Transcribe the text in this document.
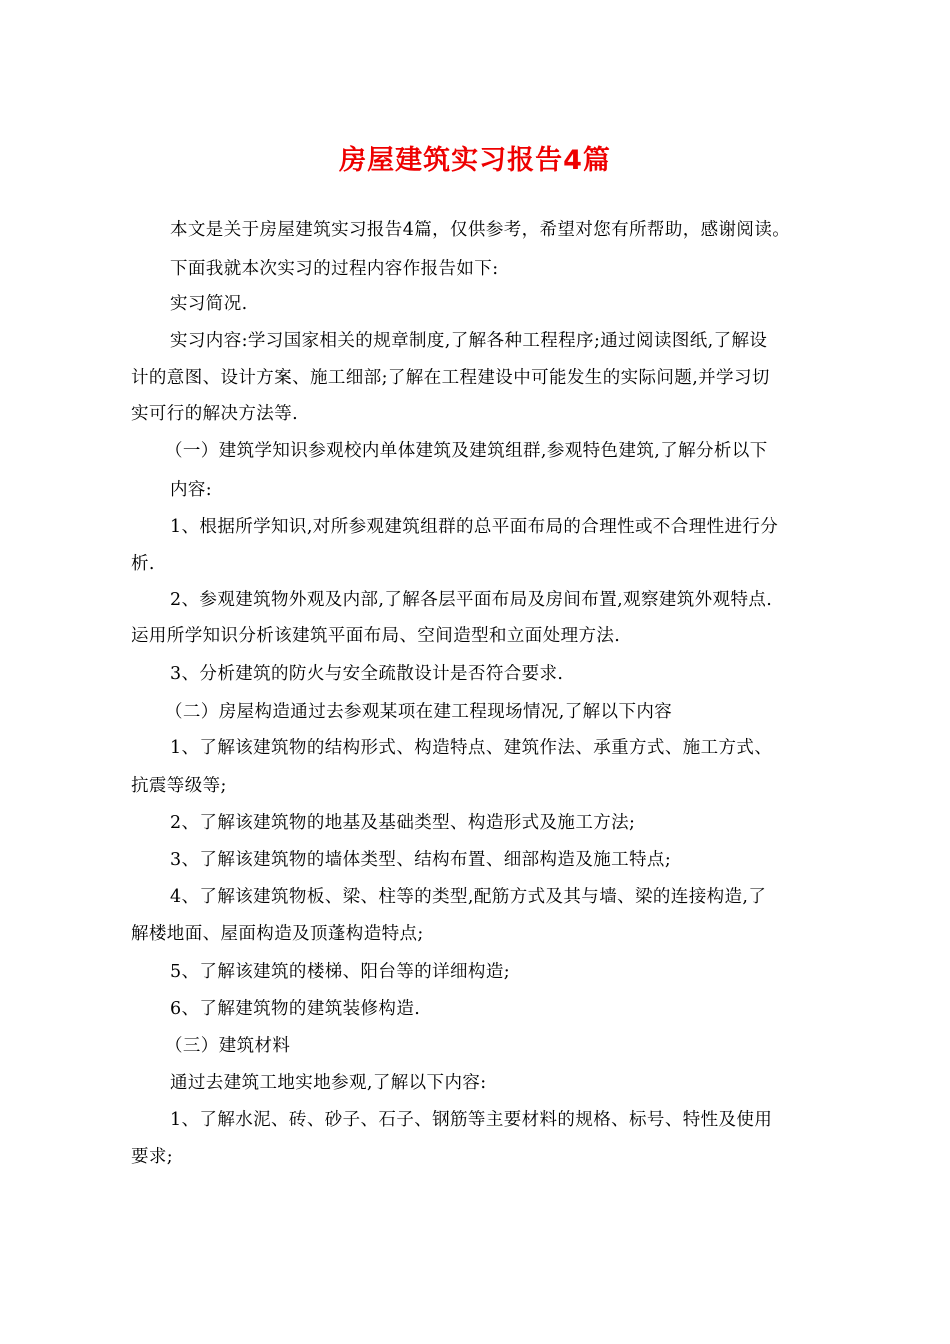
房屋建筑实习报告4篇
本文是关于房屋建筑实习报告4篇，仅供参考，希望对您有所帮助，感谢阅读。
下面我就本次实习的过程内容作报告如下:
实习简况.
实习内容:学习国家相关的规章制度,了解各种工程程序;通过阅读图纸,了解设
计的意图、设计方案、施工细部;了解在工程建设中可能发生的实际问题,并学习切
实可行的解决方法等.
（一）建筑学知识参观校内单体建筑及建筑组群,参观特色建筑,了解分析以下
内容:
1、根据所学知识,对所参观建筑组群的总平面布局的合理性或不合理性进行分
析.
2、参观建筑物外观及内部,了解各层平面布局及房间布置,观察建筑外观特点.
运用所学知识分析该建筑平面布局、空间造型和立面处理方法.
3、分析建筑的防火与安全疏散设计是否符合要求.
（二）房屋构造通过去参观某项在建工程现场情况,了解以下内容
1、了解该建筑物的结构形式、构造特点、建筑作法、承重方式、施工方式、
抗震等级等;
2、了解该建筑物的地基及基础类型、构造形式及施工方法;
3、了解该建筑物的墙体类型、结构布置、细部构造及施工特点;
4、了解该建筑物板、梁、柱等的类型,配筋方式及其与墙、梁的连接构造,了
解楼地面、屋面构造及顶蓬构造特点;
5、了解该建筑的楼梯、阳台等的详细构造;
6、了解建筑物的建筑装修构造.
（三）建筑材料
通过去建筑工地实地参观,了解以下内容:
1、了解水泥、砖、砂子、石子、钢筋等主要材料的规格、标号、特性及使用
要求;
